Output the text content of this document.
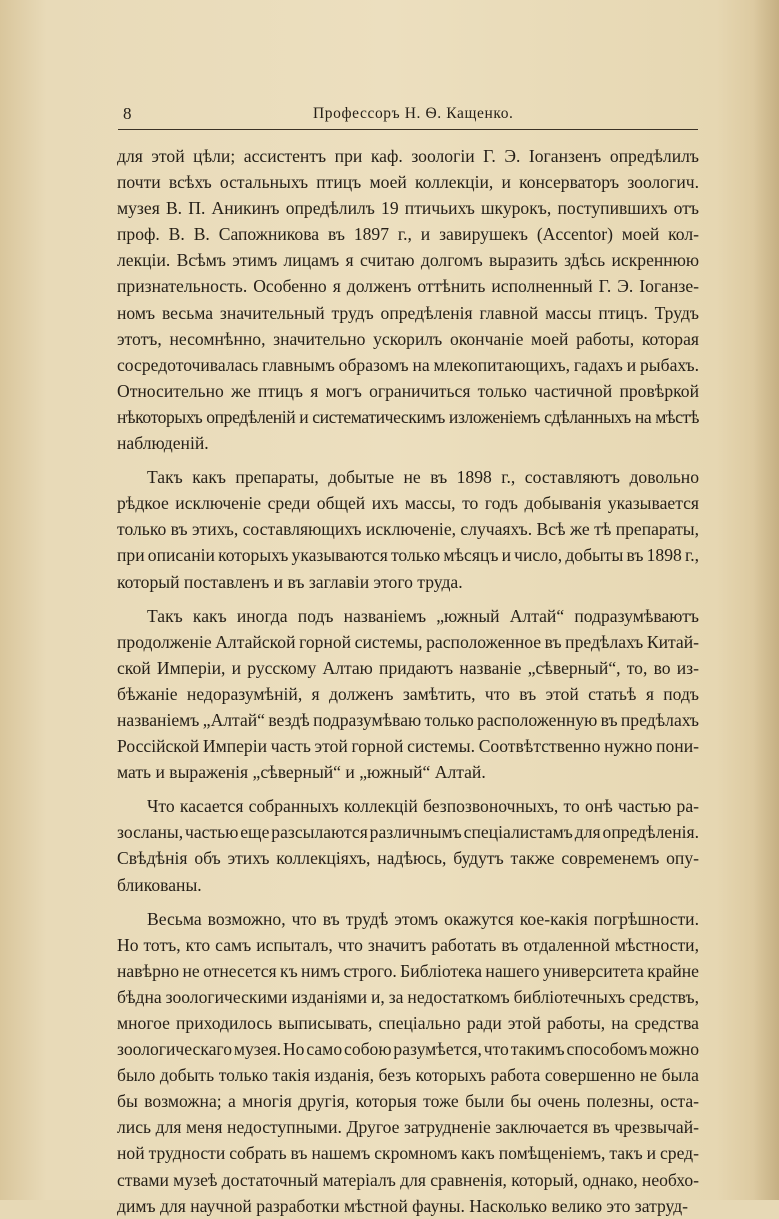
8	Профессоръ Н. Ѳ. Кащенко.
для этой цѣли; ассистентъ при каф. зоологіи Г. Э. Іоганзенъ опредѣлилъ
почти всѣхъ остальныхъ птицъ моей коллекціи, и консерваторъ зоологич.
музея В. П. Аникинъ опредѣлилъ 19 птичьихъ шкурокъ, поступившихъ отъ
проф. В. В. Сапожникова въ 1897 г., и завирушекъ (Accentor) моей кол-
лекціи. Всѣмъ этимъ лицамъ я считаю долгомъ выразить здѣсь искреннюю
признательность. Особенно я долженъ оттѣнить исполненный Г. Э. Іоганзе-
номъ весьма значительный трудъ опредѣленія главной массы птицъ. Трудъ
этотъ, несомнѣнно, значительно ускорилъ окончаніе моей работы, которая
сосредоточивалась главнымъ образомъ на млекопитающихъ, гадахъ и рыбахъ.
Относительно же птицъ я могъ ограничиться только частичной провѣркой
нѣкоторыхъ опредѣленій и систематическимъ изложеніемъ сдѣланныхъ на мѣстѣ
наблюденій.
Такъ какъ препараты, добытые не въ 1898 г., составляютъ довольно
рѣдкое исключеніе среди общей ихъ массы, то годъ добыванія указывается
только въ этихъ, составляющихъ исключеніе, случаяхъ. Всѣ же тѣ препараты,
при описаніи которыхъ указываются только мѣсяцъ и число, добыты въ 1898 г.,
который поставленъ и въ заглавіи этого труда.
Такъ какъ иногда подъ названіемъ „южный Алтай“ подразумѣваютъ
продолженіе Алтайской горной системы, расположенное въ предѣлахъ Китай-
ской Имперіи, и русскому Алтаю придаютъ названіе „сѣверный“, то, во из-
бѣжаніе недоразумѣній, я долженъ замѣтить, что въ этой статьѣ я подъ
названіемъ „Алтай“ вездѣ подразумѣваю только расположенную въ предѣлахъ
Россійской Имперіи часть этой горной системы. Соотвѣтственно нужно пони-
мать и выраженія „сѣверный“ и „южный“ Алтай.
Что касается собранныхъ коллекцій безпозвоночныхъ, то онѣ частью ра-
зосланы, частью еще разсылаются различнымъ спеціалистамъ для опредѣленія.
Свѣдѣнія объ этихъ коллекціяхъ, надѣюсь, будутъ также современемъ опу-
бликованы.
Весьма возможно, что въ трудѣ этомъ окажутся кое-какія погрѣшности.
Но тотъ, кто самъ испыталъ, что значитъ работать въ отдаленной мѣстности,
навѣрно не отнесется къ нимъ строго. Библіотека нашего университета крайне
бѣдна зоологическими изданіями и, за недостаткомъ библіотечныхъ средствъ,
многое приходилось выписывать, спеціально ради этой работы, на средства
зоологическаго музея. Но само собою разумѣется, что такимъ способомъ можно
было добыть только такія изданія, безъ которыхъ работа совершенно не была
бы возможна; а многія другія, которыя тоже были бы очень полезны, оста-
лись для меня недоступными. Другое затрудненіе заключается въ чрезвычай-
ной трудности собрать въ нашемъ скромномъ какъ помѣщеніемъ, такъ и сред-
ствами музеѣ достаточный матеріалъ для сравненія, который, однако, необхо-
димъ для научной разработки мѣстной фауны. Насколько велико это затруд-
